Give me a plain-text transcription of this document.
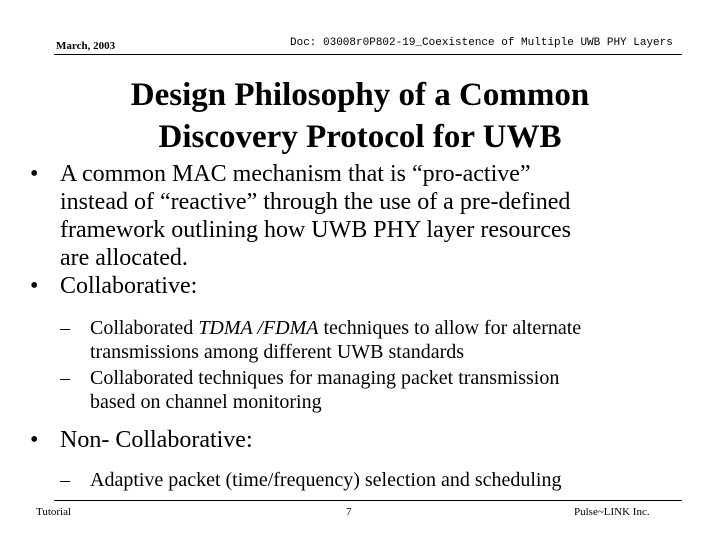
March, 2003	Doc: 03008r0P802-19_Coexistence of Multiple UWB PHY Layers
Design Philosophy of a Common
Discovery Protocol for UWB
• A common MAC mechanism that is “pro-active”
instead of “reactive” through the use of a pre-defined
framework outlining how UWB PHY layer resources
are allocated.
• Collaborative:
– Collaborated TDMA /FDMA techniques to allow for alternate
transmissions among different UWB standards
– Collaborated techniques for managing packet transmission
based on channel monitoring
• Non- Collaborative:
– Adaptive packet (time/frequency) selection and scheduling
Tutorial	7	Pulse~LINK Inc.
